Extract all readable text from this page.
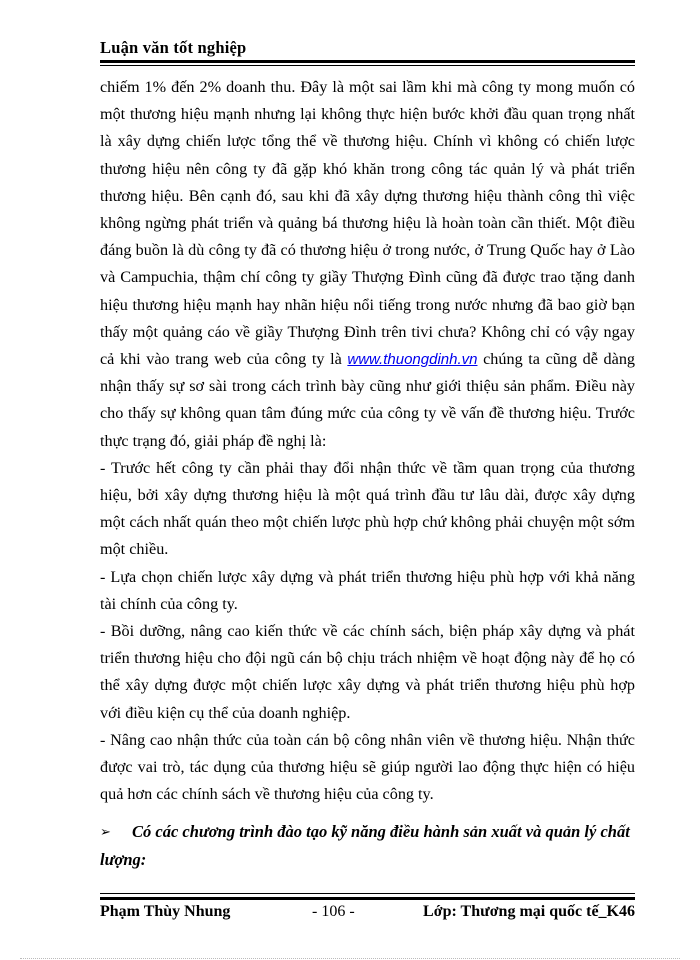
Luận văn tốt nghiệp

chiếm 1% đến 2% doanh thu. Đây là một sai lầm khi mà công ty mong muốn có một thương hiệu mạnh nhưng lại không thực hiện bước khởi đầu quan trọng nhất là xây dựng chiến lược tổng thể về thương hiệu. Chính vì không có chiến lược thương hiệu nên công ty đã gặp khó khăn trong công tác quản lý và phát triển thương hiệu. Bên cạnh đó, sau khi đã xây dựng thương hiệu thành công thì việc không ngừng phát triển và quảng bá thương hiệu là hoàn toàn cần thiết. Một điều đáng buồn là dù công ty đã có thương hiệu ở trong nước, ở Trung Quốc hay ở Lào và Campuchia, thậm chí công ty giầy Thượng Đình cũng đã được trao tặng danh hiệu thương hiệu mạnh hay nhãn hiệu nổi tiếng trong nước nhưng đã bao giờ bạn thấy một quảng cáo về giầy Thượng Đình trên tivi chưa? Không chỉ có vậy ngay cả khi vào trang web của công ty là www.thuongdinh.vn chúng ta cũng dễ dàng nhận thấy sự sơ sài trong cách trình bày cũng như giới thiệu sản phẩm. Điều này cho thấy sự không quan tâm đúng mức của công ty về vấn đề thương hiệu. Trước thực trạng đó, giải pháp đề nghị là:

- Trước hết công ty cần phải thay đổi nhận thức về tầm quan trọng của thương hiệu, bởi xây dựng thương hiệu là một quá trình đầu tư lâu dài, được xây dựng một cách nhất quán theo một chiến lược phù hợp chứ không phải chuyện một sớm một chiều.

- Lựa chọn chiến lược xây dựng và phát triển thương hiệu phù hợp với khả năng tài chính của công ty.

- Bồi dưỡng, nâng cao kiến thức về các chính sách, biện pháp xây dựng và phát triển thương hiệu cho đội ngũ cán bộ chịu trách nhiệm về hoạt động này để họ có thể xây dựng được một chiến lược xây dựng và phát triển thương hiệu phù hợp với điều kiện cụ thể của doanh nghiệp.

- Nâng cao nhận thức của toàn cán bộ công nhân viên về thương hiệu. Nhận thức được vai trò, tác dụng của thương hiệu sẽ giúp người lao động thực hiện có hiệu quả hơn các chính sách về thương hiệu của công ty.

➢ Có các chương trình đào tạo kỹ năng điều hành sản xuất và quản lý chất lượng:
Phạm Thùy Nhung	- 106 -	Lớp: Thương mại quốc tế_K46
